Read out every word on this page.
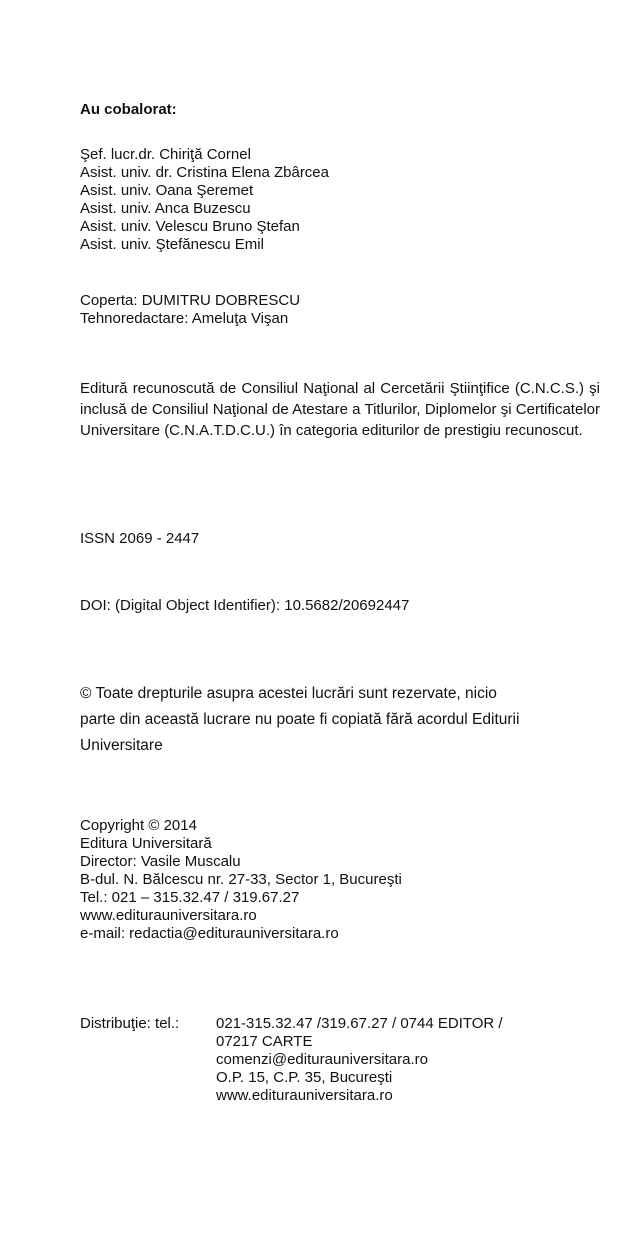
Au cobalorat:
Şef. lucr.dr. Chiriţă Cornel
Asist. univ. dr. Cristina Elena Zbârcea
Asist. univ. Oana Şeremet
Asist. univ. Anca Buzescu
Asist. univ. Velescu Bruno Ştefan
Asist. univ. Ştefănescu Emil
Coperta: DUMITRU DOBRESCU
Tehnoredactare: Ameluţa Vişan
Editură recunoscută de Consiliul Naţional al Cercetării Ştiinţifice (C.N.C.S.) şi inclusă de Consiliul Naţional de Atestare a Titlurilor, Diplomelor şi Certificatelor Universitare (C.N.A.T.D.C.U.) în categoria editurilor de prestigiu recunoscut.
ISSN 2069 - 2447
DOI: (Digital Object Identifier): 10.5682/20692447
© Toate drepturile asupra acestei lucrări sunt rezervate, nicio
parte din această lucrare nu poate fi copiată fără acordul Editurii
Universitare
Copyright © 2014
Editura Universitară
Director: Vasile Muscalu
B-dul. N. Bălcescu nr. 27-33, Sector 1, Bucureşti
Tel.: 021 – 315.32.47 / 319.67.27
www.editurauniversitara.ro
e-mail: redactia@editurauniversitara.ro
Distribuţie: tel.: 021-315.32.47 /319.67.27 / 0744 EDITOR /
07217 CARTE
comenzi@editurauniversitara.ro
O.P. 15, C.P. 35, Bucureşti
www.editurauniversitara.ro
